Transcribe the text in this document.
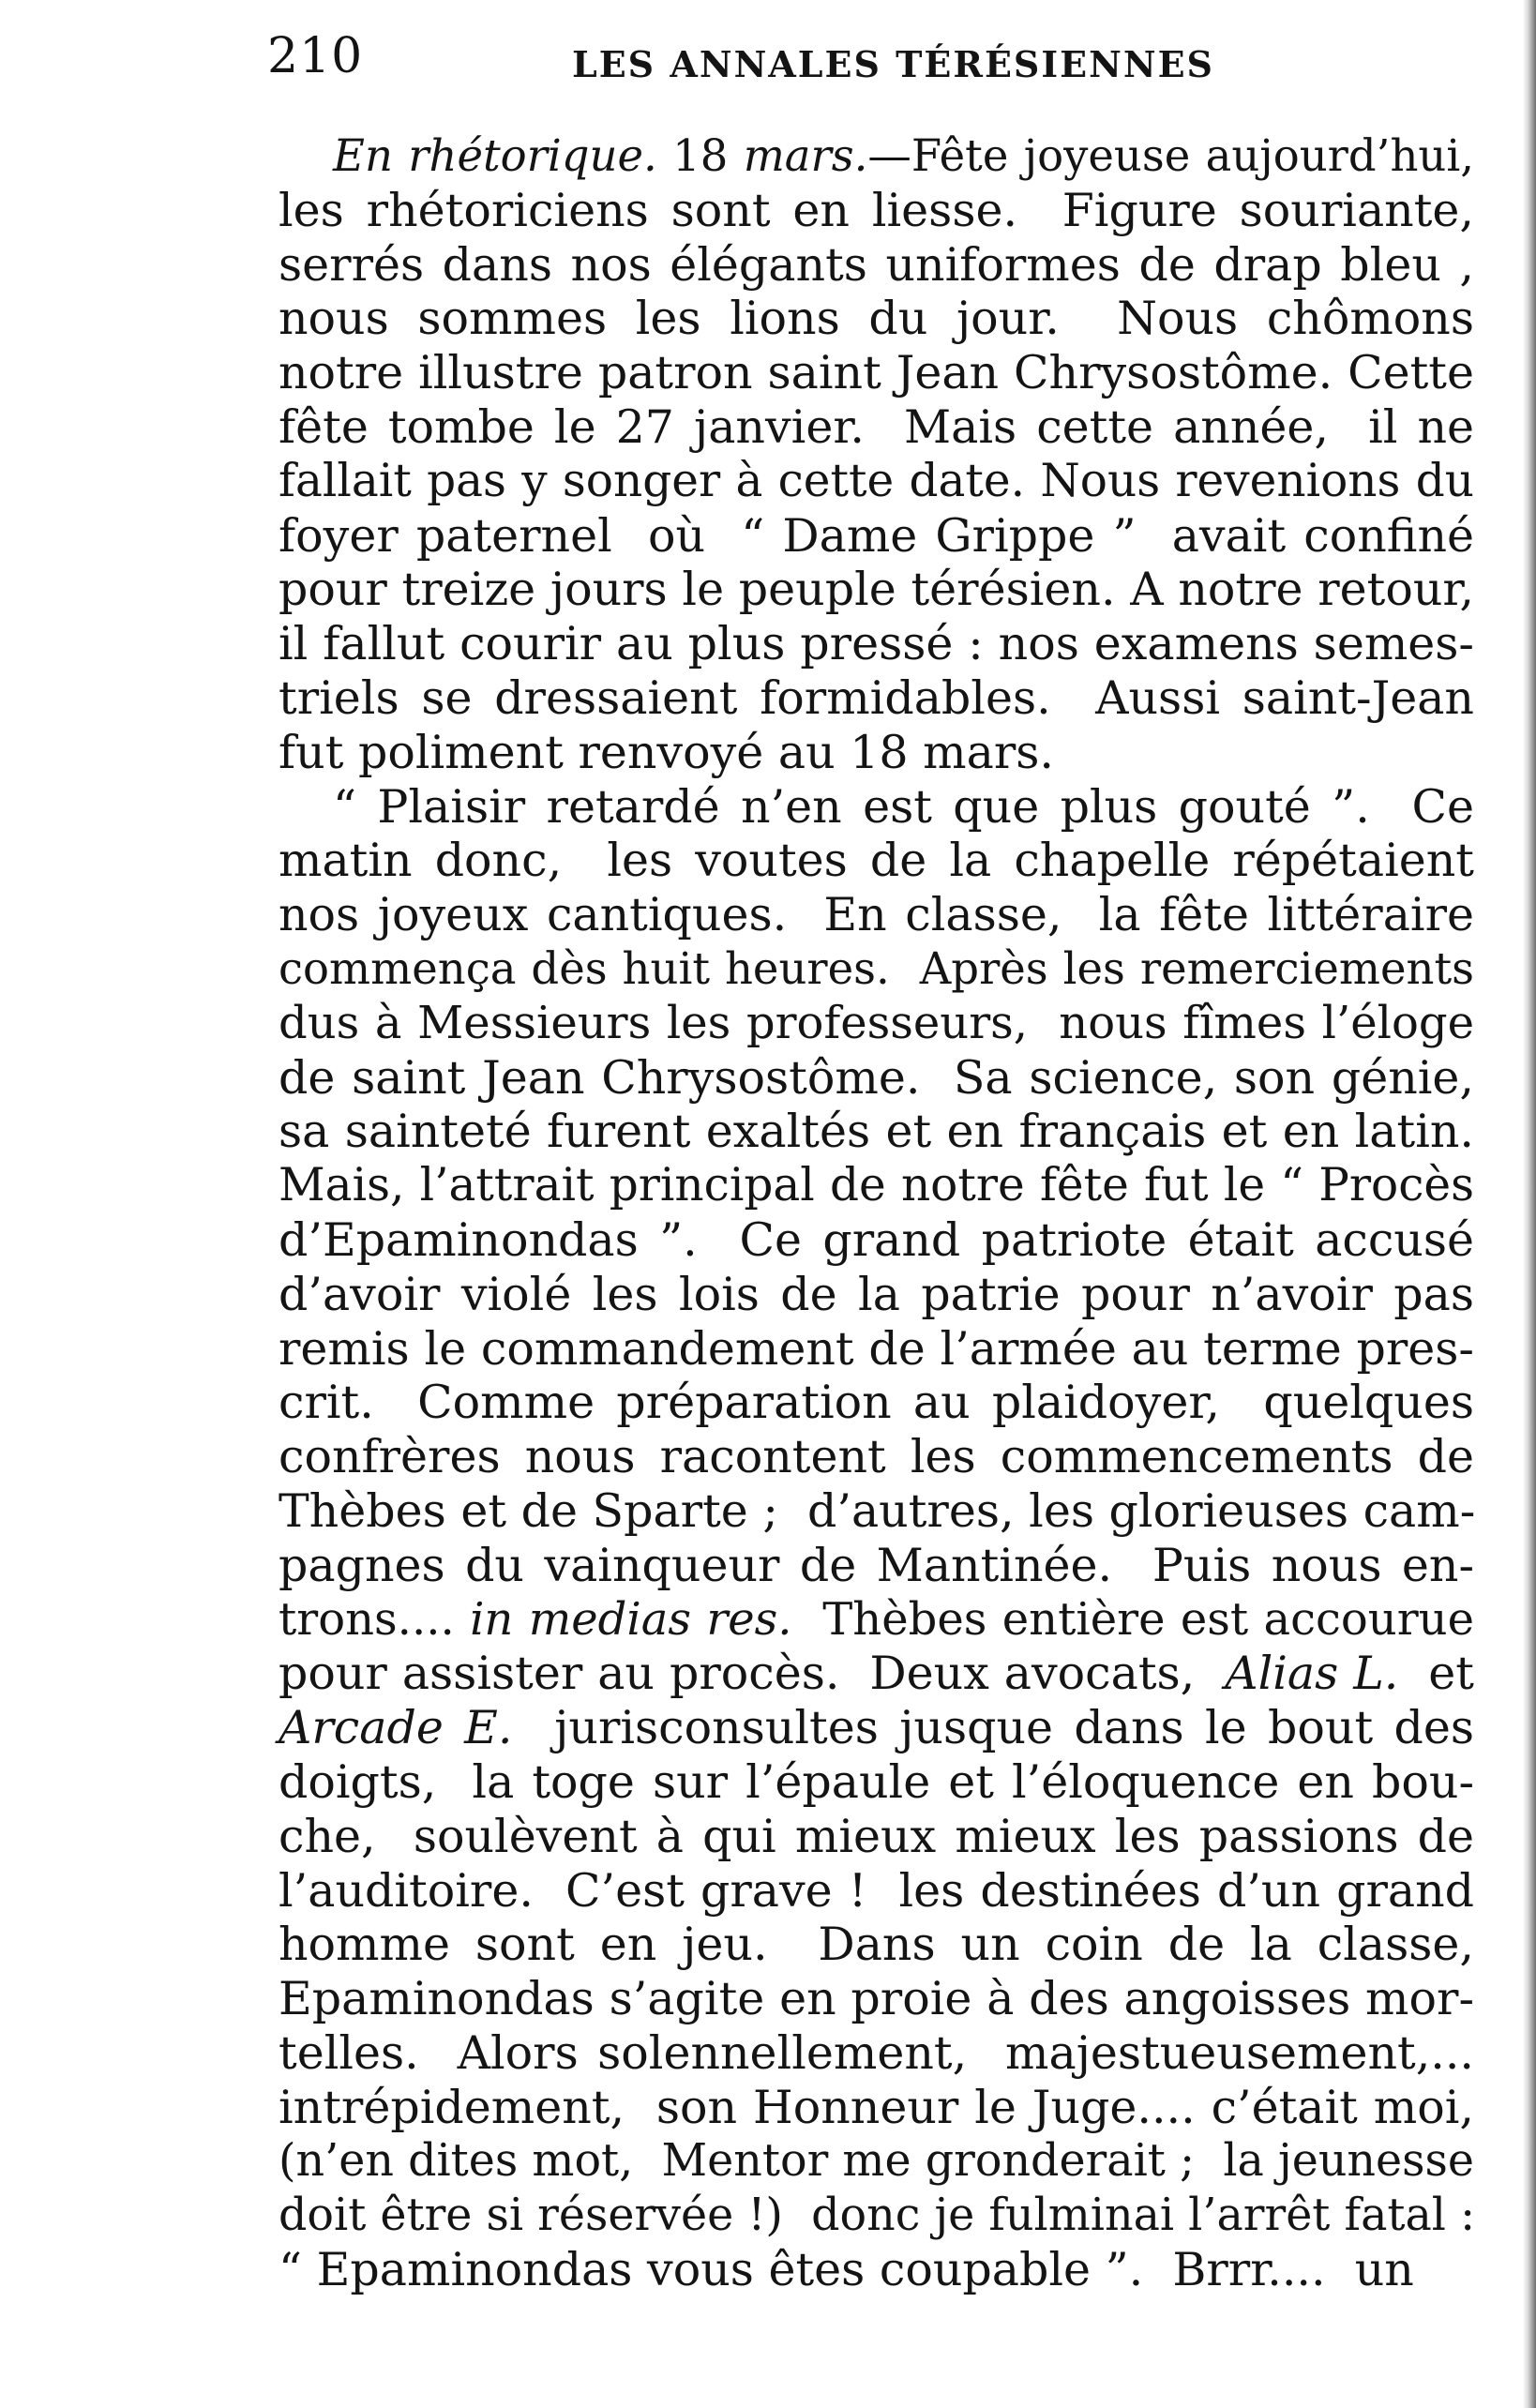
210	LES ANNALES TÉRÉSIENNES
En rhétorique. 18 mars.—Fête joyeuse aujourd’hui,
les rhétoriciens sont en liesse.  Figure souriante,
serrés dans nos élégants uniformes de drap bleu ,
nous sommes les lions du jour.  Nous chômons
notre illustre patron saint Jean Chrysostôme. Cette
fête tombe le 27 janvier.  Mais cette année,  il ne
fallait pas y songer à cette date. Nous revenions du
foyer paternel  où  “ Dame Grippe ”  avait confiné
pour treize jours le peuple térésien. A notre retour,
il fallut courir au plus pressé : nos examens semes-
triels se dressaient formidables.  Aussi saint-Jean
fut poliment renvoyé au 18 mars.
“ Plaisir retardé n’en est que plus gouté ”.  Ce
matin donc,  les voutes de la chapelle répétaient
nos joyeux cantiques.  En classe,  la fête littéraire
commença dès huit heures.  Après les remerciements
dus à Messieurs les professeurs,  nous fîmes l’éloge
de saint Jean Chrysostôme.  Sa science, son génie,
sa sainteté furent exaltés et en français et en latin.
Mais, l’attrait principal de notre fête fut le “ Procès
d’Epaminondas ”.  Ce grand patriote était accusé
d’avoir violé les lois de la patrie pour n’avoir pas
remis le commandement de l’armée au terme pres-
crit.  Comme préparation au plaidoyer,  quelques
confrères nous racontent les commencements de
Thèbes et de Sparte ;  d’autres, les glorieuses cam-
pagnes du vainqueur de Mantinée.  Puis nous en-
trons.... in medias res.  Thèbes entière est accourue
pour assister au procès.  Deux avocats,  Alias L.  et
Arcade E.  jurisconsultes jusque dans le bout des
doigts,  la toge sur l’épaule et l’éloquence en bou-
che,  soulèvent à qui mieux mieux les passions de
l’auditoire.  C’est grave !  les destinées d’un grand
homme sont en jeu.  Dans un coin de la classe,
Epaminondas s’agite en proie à des angoisses mor-
telles.  Alors solennellement,  majestueusement,...
intrépidement,  son Honneur le Juge.... c’était moi,
(n’en dites mot,  Mentor me gronderait ;  la jeunesse
doit être si réservée !)  donc je fulminai l’arrêt fatal :
“ Epaminondas vous êtes coupable ”.  Brrr....  un
